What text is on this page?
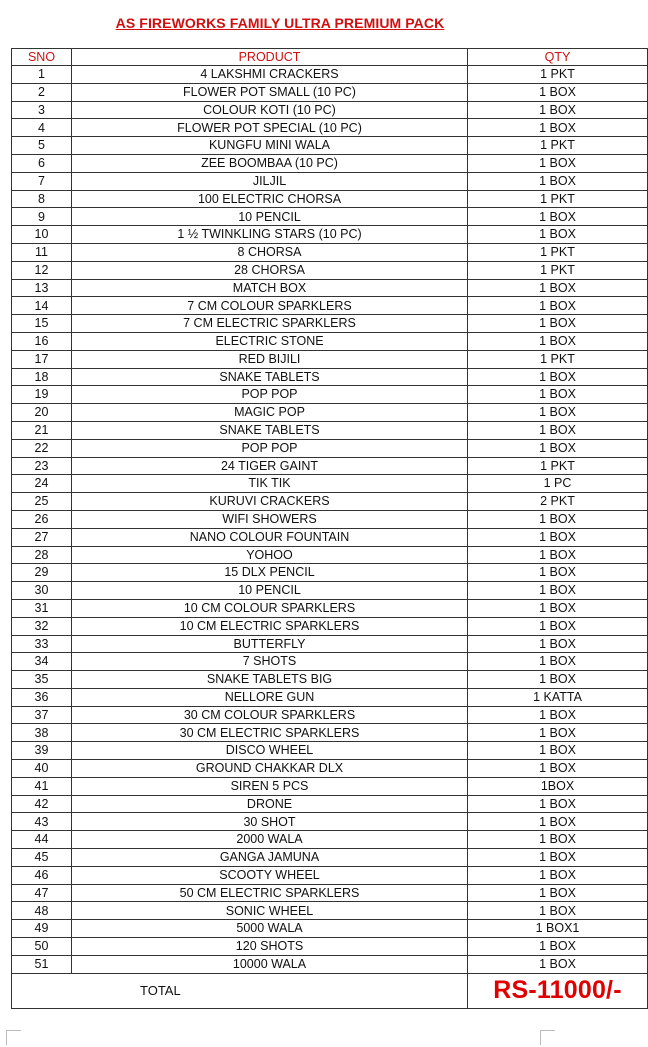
AS FIREWORKS FAMILY ULTRA PREMIUM PACK
SNO	PRODUCT	QTY
1	4 LAKSHMI CRACKERS	1 PKT
2	FLOWER POT SMALL (10 PC)	1 BOX
3	COLOUR KOTI (10 PC)	1 BOX
4	FLOWER POT SPECIAL (10 PC)	1 BOX
5	KUNGFU MINI WALA	1 PKT
6	ZEE BOOMBAA (10 PC)	1 BOX
7	JILJIL	1 BOX
8	100 ELECTRIC CHORSA	1 PKT
9	10 PENCIL	1 BOX
10	1 ½ TWINKLING STARS (10 PC)	1 BOX
11	8 CHORSA	1 PKT
12	28 CHORSA	1 PKT
13	MATCH BOX	1 BOX
14	7 CM COLOUR SPARKLERS	1 BOX
15	7 CM ELECTRIC SPARKLERS	1 BOX
16	ELECTRIC STONE	1 BOX
17	RED BIJILI	1 PKT
18	SNAKE TABLETS	1 BOX
19	POP POP	1 BOX
20	MAGIC POP	1 BOX
21	SNAKE TABLETS	1 BOX
22	POP POP	1 BOX
23	24 TIGER GAINT	1 PKT
24	TIK TIK	1 PC
25	KURUVI CRACKERS	2 PKT
26	WIFI SHOWERS	1 BOX
27	NANO COLOUR FOUNTAIN	1 BOX
28	YOHOO	1 BOX
29	15 DLX PENCIL	1 BOX
30	10 PENCIL	1 BOX
31	10 CM COLOUR SPARKLERS	1 BOX
32	10 CM ELECTRIC SPARKLERS	1 BOX
33	BUTTERFLY	1 BOX
34	7 SHOTS	1 BOX
35	SNAKE TABLETS BIG	1 BOX
36	NELLORE GUN	1 KATTA
37	30 CM COLOUR SPARKLERS	1 BOX
38	30 CM ELECTRIC SPARKLERS	1 BOX
39	DISCO WHEEL	1 BOX
40	GROUND CHAKKAR DLX	1 BOX
41	SIREN 5 PCS	1BOX
42	DRONE	1 BOX
43	30 SHOT	1 BOX
44	2000 WALA	1 BOX
45	GANGA JAMUNA	1 BOX
46	SCOOTY WHEEL	1 BOX
47	50 CM ELECTRIC SPARKLERS	1 BOX
48	SONIC WHEEL	1 BOX
49	5000 WALA	1 BOX1
50	120 SHOTS	1 BOX
51	10000 WALA	1 BOX
TOTAL		RS-11000/-
